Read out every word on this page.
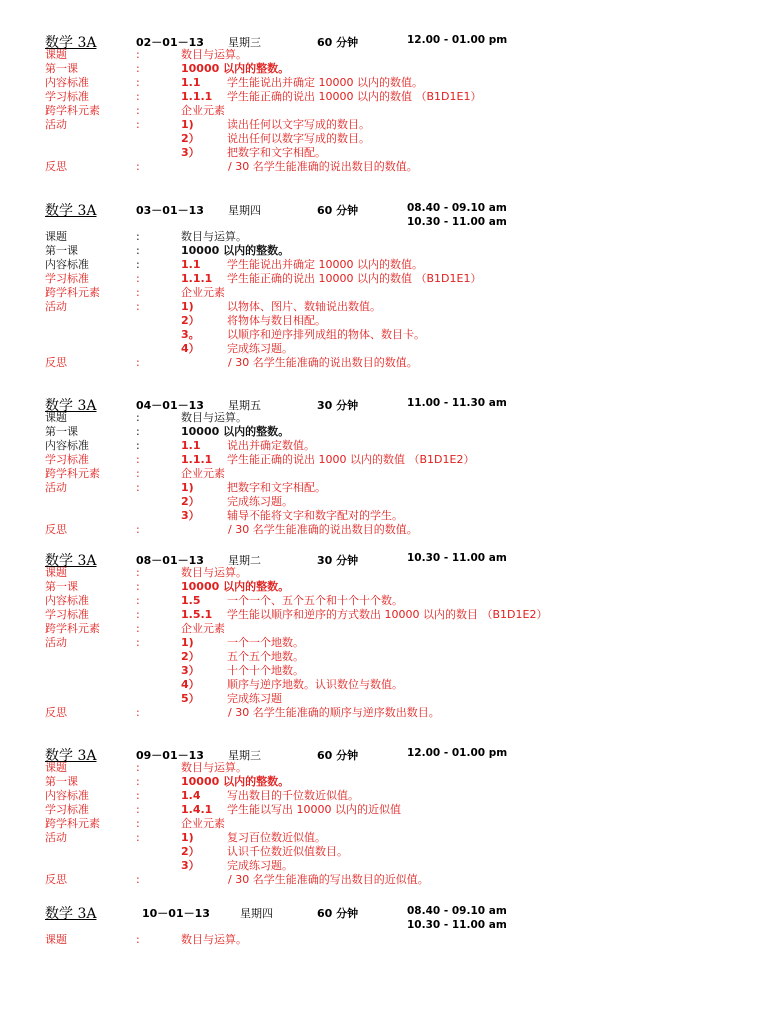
数学 3A	02－01－13 星期三	60 分钟	12.00 - 01.00 pm
课题	:	数目与运算。
第一课	:	10000 以内的整数。
内容标准	:	1.1 学生能说出并确定 10000 以内的数值。
学习标准	:	1.1.1 学生能正确的说出 10000 以内的数值 （B1D1E1）
跨学科元素	:	企业元素
活动	:	1)	读出任何以文字写成的数目。
2） 说出任何以数字写成的数目。
3） 把数字和文字相配。
反思	:	/ 30 名学生能准确的说出数目的数值。
数学 3A	03－01－13 星期四	60 分钟	08.40 - 09.10 am
10.30 - 11.00 am
课题	:	数目与运算。
第一课	:	10000 以内的整数。
内容标准	:	1.1 学生能说出并确定 10000 以内的数值。
学习标准	:	1.1.1 学生能正确的说出 10000 以内的数值 （B1D1E1）
跨学科元素	:	企业元素
活动	:	1)	以物体、图片、数轴说出数值。
2） 将物体与数目相配。
3。 以顺序和逆序排列成组的物体、数目卡。
4） 完成练习题。
反思	:	/ 30 名学生能准确的说出数目的数值。
数学 3A	04－01－13 星期五	30 分钟	11.00 - 11.30 am
课题	:	数目与运算。
第一课	:	10000 以内的整数。
内容标准	:	1.1 说出并确定数值。
学习标准	:	1.1.1 学生能正确的说出 1000 以内的数值 （B1D1E2）
跨学科元素	:	企业元素
活动	:	1)	把数字和文字相配。
2） 完成练习题。
3） 辅导不能将文字和数字配对的学生。
反思	:	/ 30 名学生能准确的说出数目的数值。
数学 3A	08－01－13 星期二	30 分钟	10.30 - 11.00 am
课题	:	数目与运算。
第一课	:	10000 以内的整数。
内容标准	:	1.5 一个一个、五个五个和十个十个数。
学习标准	:	1.5.1 学生能以顺序和逆序的方式数出 10000 以内的数目 （B1D1E2）
跨学科元素	:	企业元素
活动	:	1)	一个一个地数。
2） 五个五个地数。
3） 十个十个地数。
4） 顺序与逆序地数。认识数位与数值。
5） 完成练习题
反思	:	/ 30 名学生能准确的顺序与逆序数出数目。
数学 3A	09－01－13 星期三	60 分钟	12.00 - 01.00 pm
课题	:	数目与运算。
第一课	:	10000 以内的整数。
内容标准	:	1.4 写出数目的千位数近似值。
学习标准	:	1.4.1 学生能以写出 10000 以内的近似值
跨学科元素	:	企业元素
活动	:	1)	复习百位数近似值。
2） 认识千位数近似值数目。
3） 完成练习题。
反思	:	/ 30 名学生能准确的写出数目的近似值。
数学 3A	10－01－13	星期四	60 分钟	08.40 - 09.10 am
10.30 - 11.00 am
课题	:	数目与运算。
